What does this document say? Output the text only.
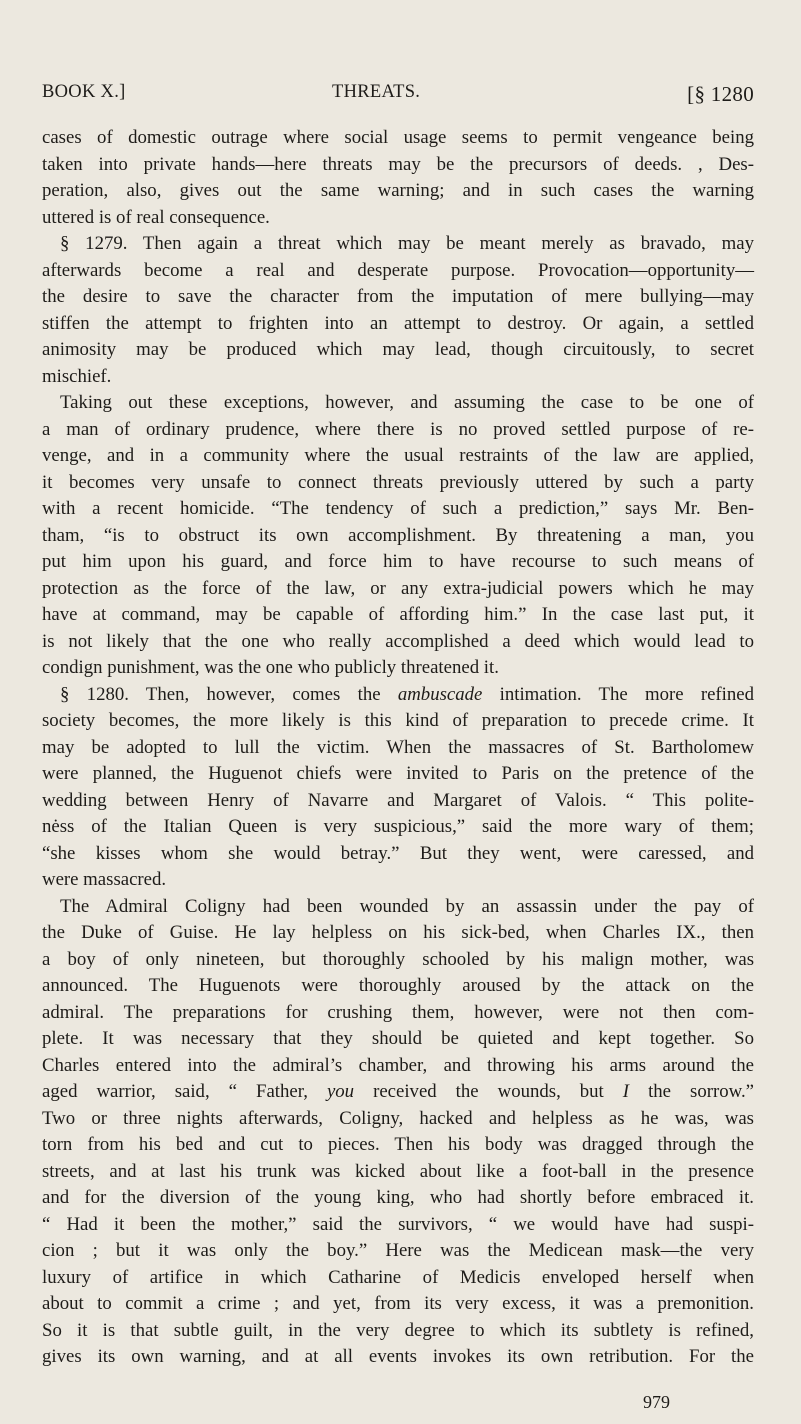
BOOK X.]	THREATS.	[§ 1280
cases of domestic outrage where social usage seems to permit vengeance being
taken into private hands—here threats may be the precursors of deeds. , Des-
peration, also, gives out the same warning; and in such cases the warning
uttered is of real consequence.
§ 1279. Then again a threat which may be meant merely as bravado, may
afterwards become a real and desperate purpose. Provocation—opportunity—
the desire to save the character from the imputation of mere bullying—may
stiffen the attempt to frighten into an attempt to destroy. Or again, a settled
animosity may be produced which may lead, though circuitously, to secret
mischief.
Taking out these exceptions, however, and assuming the case to be one of
a man of ordinary prudence, where there is no proved settled purpose of re-
venge, and in a community where the usual restraints of the law are applied,
it becomes very unsafe to connect threats previously uttered by such a party
with a recent homicide. “The tendency of such a prediction,” says Mr. Ben-
tham, “is to obstruct its own accomplishment. By threatening a man, you
put him upon his guard, and force him to have recourse to such means of
protection as the force of the law, or any extra-judicial powers which he may
have at command, may be capable of affording him.” In the case last put, it
is not likely that the one who really accomplished a deed which would lead to
condign punishment, was the one who publicly threatened it.
§ 1280. Then, however, comes the ambuscade intimation. The more refined
society becomes, the more likely is this kind of preparation to precede crime. It
may be adopted to lull the victim. When the massacres of St. Bartholomew
were planned, the Huguenot chiefs were invited to Paris on the pretence of the
wedding between Henry of Navarre and Margaret of Valois. “ This polite-
nėss of the Italian Queen is very suspicious,” said the more wary of them;
“she kisses whom she would betray.” But they went, were caressed, and
were massacred.
The Admiral Coligny had been wounded by an assassin under the pay of
the Duke of Guise. He lay helpless on his sick-bed, when Charles IX., then
a boy of only nineteen, but thoroughly schooled by his malign mother, was
announced. The Huguenots were thoroughly aroused by the attack on the
admiral. The preparations for crushing them, however, were not then com-
plete. It was necessary that they should be quieted and kept together. So
Charles entered into the admiral’s chamber, and throwing his arms around the
aged warrior, said, “ Father, you received the wounds, but I the sorrow.”
Two or three nights afterwards, Coligny, hacked and helpless as he was, was
torn from his bed and cut to pieces. Then his body was dragged through the
streets, and at last his trunk was kicked about like a foot-ball in the presence
and for the diversion of the young king, who had shortly before embraced it.
“ Had it been the mother,” said the survivors, “ we would have had suspi-
cion ; but it was only the boy.” Here was the Medicean mask—the very
luxury of artifice in which Catharine of Medicis enveloped herself when
about to commit a crime ; and yet, from its very excess, it was a premonition.
So it is that subtle guilt, in the very degree to which its subtlety is refined,
gives its own warning, and at all events invokes its own retribution. For the
979
